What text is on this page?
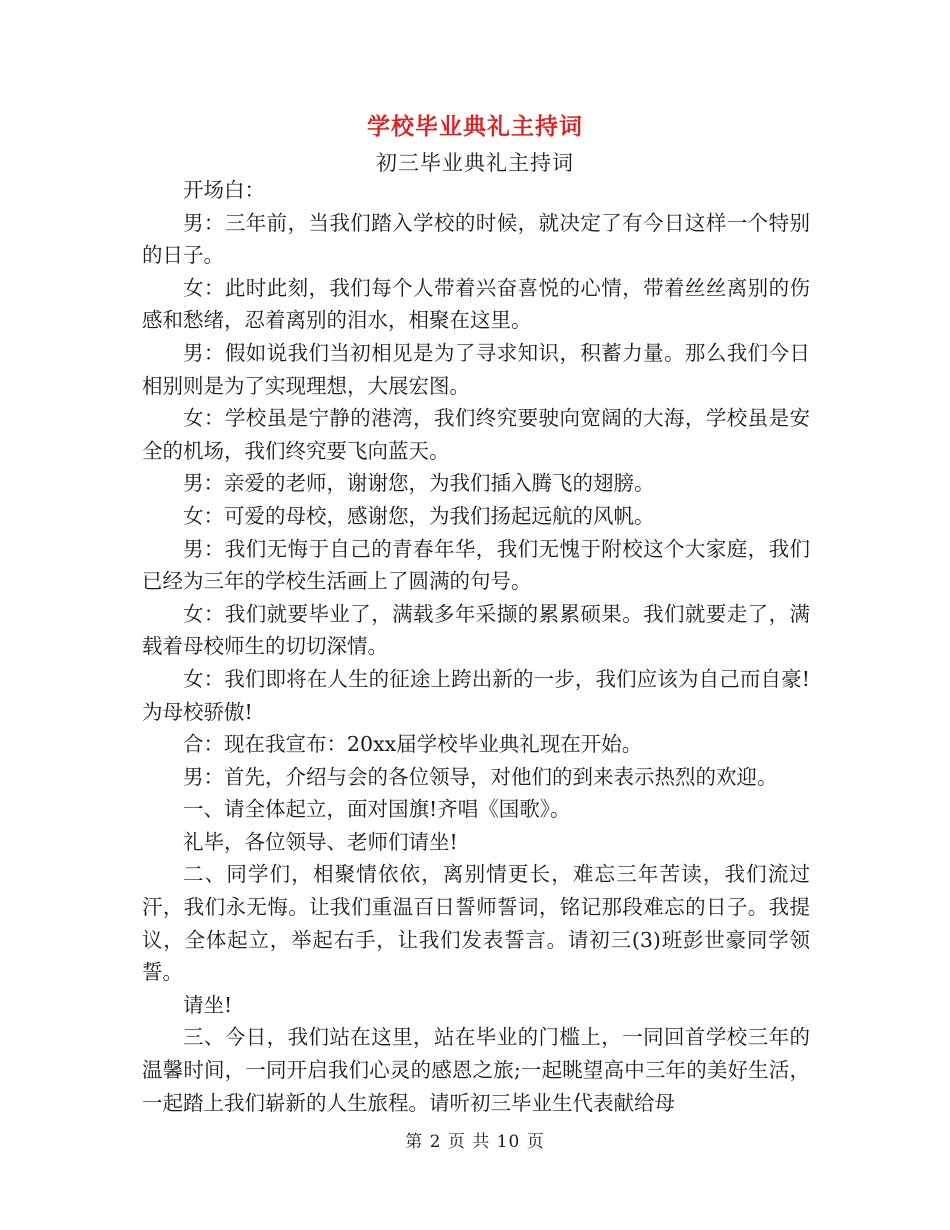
学校毕业典礼主持词
初三毕业典礼主持词

开场白：

男：三年前，当我们踏入学校的时候，就决定了有今日这样一个特别的日子。

女：此时此刻，我们每个人带着兴奋喜悦的心情，带着丝丝离别的伤感和愁绪，忍着离别的泪水，相聚在这里。

男：假如说我们当初相见是为了寻求知识，积蓄力量。那么我们今日相别则是为了实现理想，大展宏图。

女：学校虽是宁静的港湾，我们终究要驶向宽阔的大海，学校虽是安全的机场，我们终究要飞向蓝天。

男：亲爱的老师，谢谢您，为我们插入腾飞的翅膀。

女：可爱的母校，感谢您，为我们扬起远航的风帆。

男：我们无悔于自己的青春年华，我们无愧于附校这个大家庭，我们已经为三年的学校生活画上了圆满的句号。

女：我们就要毕业了，满载多年采撷的累累硕果。我们就要走了，满载着母校师生的切切深情。

女：我们即将在人生的征途上跨出新的一步，我们应该为自己而自豪!为母校骄傲!

合：现在我宣布：20xx届学校毕业典礼现在开始。

男：首先，介绍与会的各位领导，对他们的到来表示热烈的欢迎。

一、请全体起立，面对国旗!齐唱《国歌》。

礼毕，各位领导、老师们请坐!

二、同学们，相聚情依依，离别情更长，难忘三年苦读，我们流过汗，我们永无悔。让我们重温百日誓师誓词，铭记那段难忘的日子。我提议，全体起立，举起右手，让我们发表誓言。请初三(3)班彭世豪同学领誓。

请坐!

三、今日，我们站在这里，站在毕业的门槛上，一同回首学校三年的温馨时间，一同开启我们心灵的感恩之旅;一起眺望高中三年的美好生活，一起踏上我们崭新的人生旅程。请听初三毕业生代表献给母

第 2 页 共 10 页
